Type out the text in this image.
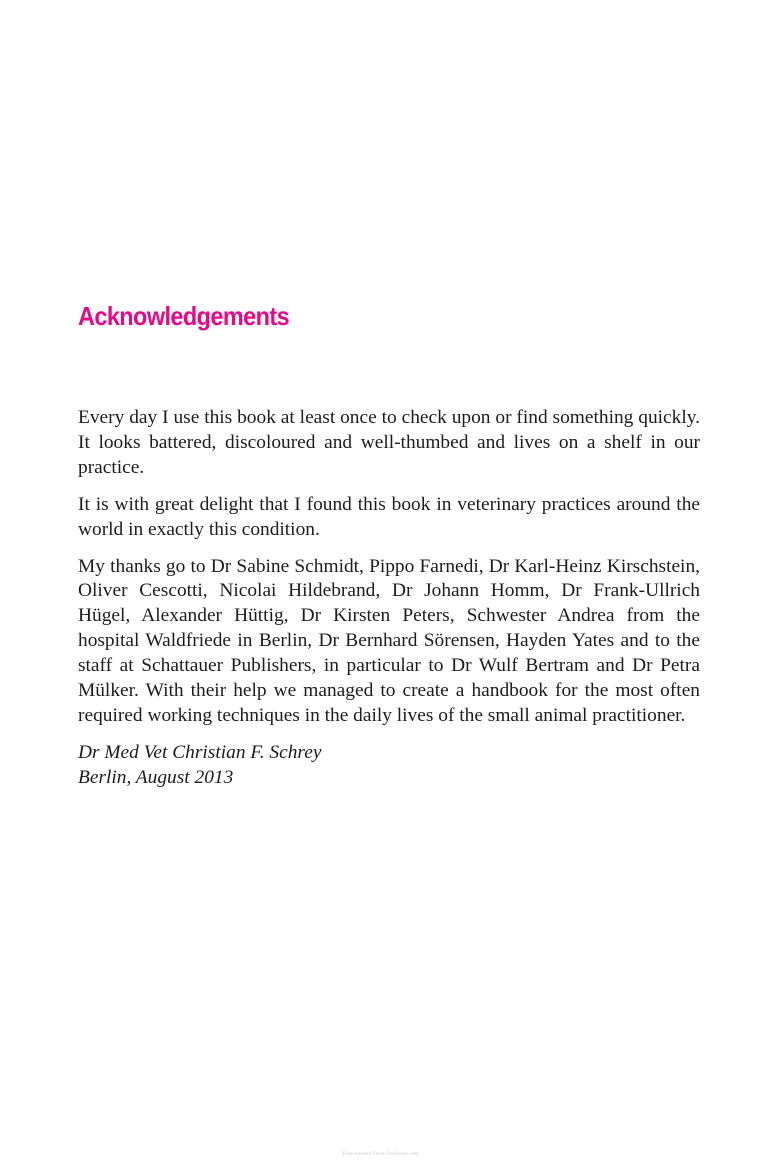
Acknowledgements

Every day I use this book at least once to check upon or find something quickly. It looks battered, discoloured and well-thumbed and lives on a shelf in our practice.

It is with great delight that I found this book in veterinary practices around the world in exactly this condition.

My thanks go to Dr Sabine Schmidt, Pippo Farnedi, Dr Karl-Heinz Kirschstein, Oliver Cescotti, Nicolai Hildebrand, Dr Johann Homm, Dr Frank-Ullrich Hügel, Alexander Hüttig, Dr Kirsten Peters, Schwester Andrea from the hospital Waldfriede in Berlin, Dr Bernhard Sörensen, Hayden Yates and to the staff at Schattauer Publishers, in particular to Dr Wulf Bertram and Dr Petra Mülker. With their help we managed to create a handbook for the most often required working techniques in the daily lives of the small animal practitioner.

Dr Med Vet Christian F. Schrey
Berlin, August 2013

Downloaded From VetBooks.com
